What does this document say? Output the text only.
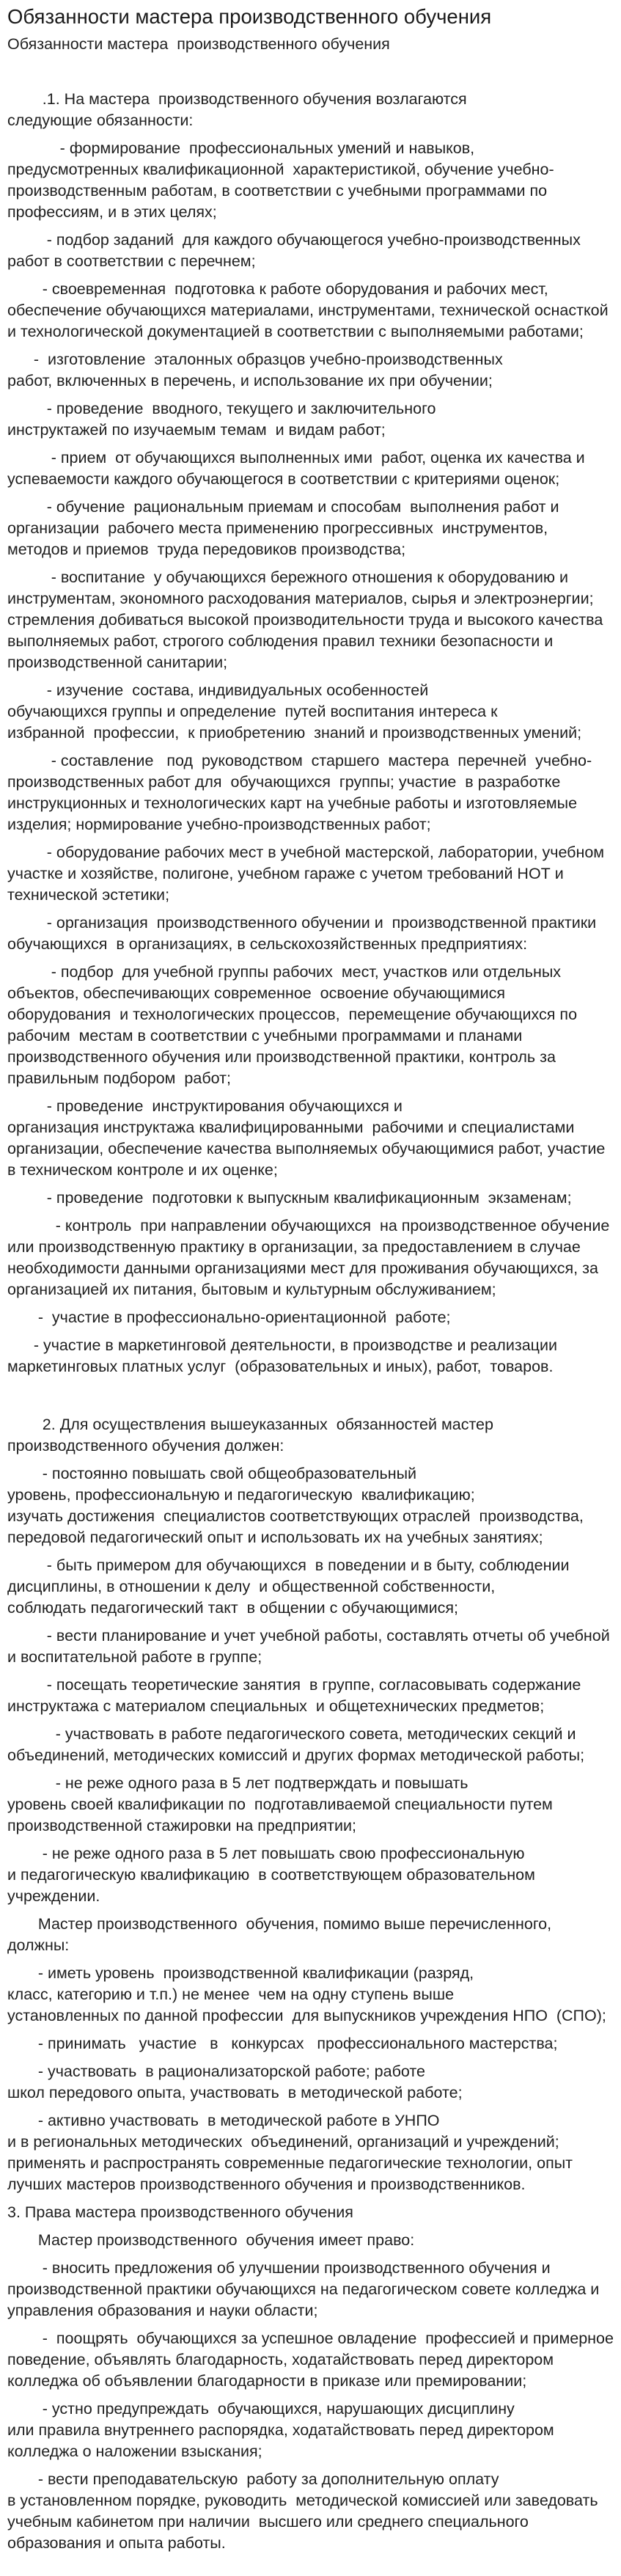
Обязанности мастера производственного обучения
Обязанности мастера  производственного обучения

.1. На мастера  производственного обучения возлагаются
следующие обязанности:

- формирование  профессиональных умений и навыков,
предусмотренных квалификационной  характеристикой, обучение учебно-
производственным работам, в соответствии с учебными программами по
профессиям, и в этих целях;

- подбор заданий  для каждого обучающегося учебно-производственных
работ в соответствии с перечнем;

- своевременная  подготовка к работе оборудования и рабочих мест,
обеспечение обучающихся материалами, инструментами, технической оснасткой
и технологической документацией в соответствии с выполняемыми работами;

-  изготовление  эталонных образцов учебно-производственных
работ, включенных в перечень, и использование их при обучении;

- проведение  вводного, текущего и заключительного
инструктажей по изучаемым темам  и видам работ;

- прием  от обучающихся выполненных ими  работ, оценка их качества и
успеваемости каждого обучающегося в соответствии с критериями оценок;

- обучение  рациональным приемам и способам  выполнения работ и
организации  рабочего места применению прогрессивных  инструментов,
методов и приемов  труда передовиков производства;

- воспитание  у обучающихся бережного отношения к оборудованию и
инструментам, экономного расходования материалов, сырья и электроэнергии;
стремления добиваться высокой производительности труда и высокого качества
выполняемых работ, строгого соблюдения правил техники безопасности и
производственной санитарии;

- изучение  состава, индивидуальных особенностей
обучающихся группы и определение  путей воспитания интереса к
избранной  профессии,  к приобретению  знаний и производственных умений;

- составление   под  руководством  старшего  мастера  перечней  учебно-
производственных работ для  обучающихся  группы; участие  в разработке
инструкционных и технологических карт на учебные работы и изготовляемые
изделия; нормирование учебно-производственных работ;

- оборудование рабочих мест в учебной мастерской, лаборатории, учебном
участке и хозяйстве, полигоне, учебном гараже с учетом требований НОТ и
технической эстетики;

- организация  производственного обучении и  производственной практики
обучающихся  в организациях, в сельскохозяйственных предприятиях:

- подбор  для учебной группы рабочих  мест, участков или отдельных
объектов, обеспечивающих современное  освоение обучающимися
оборудования  и технологических процессов,  перемещение обучающихся по
рабочим  местам в соответствии с учебными программами и планами
производственного обучения или производственной практики, контроль за
правильным подбором  работ;

- проведение  инструктирования обучающихся и
организация инструктажа квалифицированными  рабочими и специалистами
организации, обеспечение качества выполняемых обучающимися работ, участие
в техническом контроле и их оценке;

- проведение  подготовки к выпускным квалификационным  экзаменам;

- контроль  при направлении обучающихся  на производственное обучение
или производственную практику в организации, за предоставлением в случае
необходимости данными организациями мест для проживания обучающихся, за
организацией их питания, бытовым и культурным обслуживанием;

-  участие в профессионально-ориентационной  работе;

- участие в маркетинговой деятельности, в производстве и реализации
маркетинговых платных услуг  (образовательных и иных), работ,  товаров.

2. Для осуществления вышеуказанных  обязанностей мастер
производственного обучения должен:

- постоянно повышать свой общеобразовательный
уровень, профессиональную и педагогическую  квалификацию;
изучать достижения  специалистов соответствующих отраслей  производства,
передовой педагогический опыт и использовать их на учебных занятиях;

- быть примером для обучающихся  в поведении и в быту, соблюдении
дисциплины, в отношении к делу  и общественной собственности,
соблюдать педагогический такт  в общении с обучающимися;

- вести планирование и учет учебной работы, составлять отчеты об учебной
и воспитательной работе в группе;

- посещать теоретические занятия  в группе, согласовывать содержание
инструктажа с материалом специальных  и общетехнических предметов;

- участвовать в работе педагогического совета, методических секций и
объединений, методических комиссий и других формах методической работы;

- не реже одного раза в 5 лет подтверждать и повышать
уровень своей квалификации по  подготавливаемой специальности путем
производственной стажировки на предприятии;

- не реже одного раза в 5 лет повышать свою профессиональную
и педагогическую квалификацию  в соответствующем образовательном
учреждении.

Мастер производственного  обучения, помимо выше перечисленного,
должны:

- иметь уровень  производственной квалификации (разряд,
класс, категорию и т.п.) не менее  чем на одну ступень выше
установленных по данной профессии  для выпускников учреждения НПО  (СПО);

- принимать   участие   в   конкурсах   профессионального мастерства;

- участвовать  в рационализаторской работе; работе
школ передового опыта, участвовать  в методической работе;

- активно участвовать  в методической работе в УНПО
и в региональных методических  объединений, организаций и учреждений;
применять и распространять современные педагогические технологии, опыт
лучших мастеров производственного обучения и производственников.

3. Права мастера производственного обучения

Мастер производственного  обучения имеет право:

- вносить предложения об улучшении производственного обучения и
производственной практики обучающихся на педагогическом совете колледжа и
управления образования и науки области;

-  поощрять  обучающихся за успешное овладение  профессией и примерное
поведение, объявлять благодарность, ходатайствовать перед директором
колледжа об объявлении благодарности в приказе или премировании;

- устно предупреждать  обучающихся, нарушающих дисциплину
или правила внутреннего распорядка, ходатайствовать перед директором
колледжа о наложении взыскания;

- вести преподавательскую  работу за дополнительную оплату
в установленном порядке, руководить  методической комиссией или заведовать
учебным кабинетом при наличии  высшего или среднего специального
образования и опыта работы.
